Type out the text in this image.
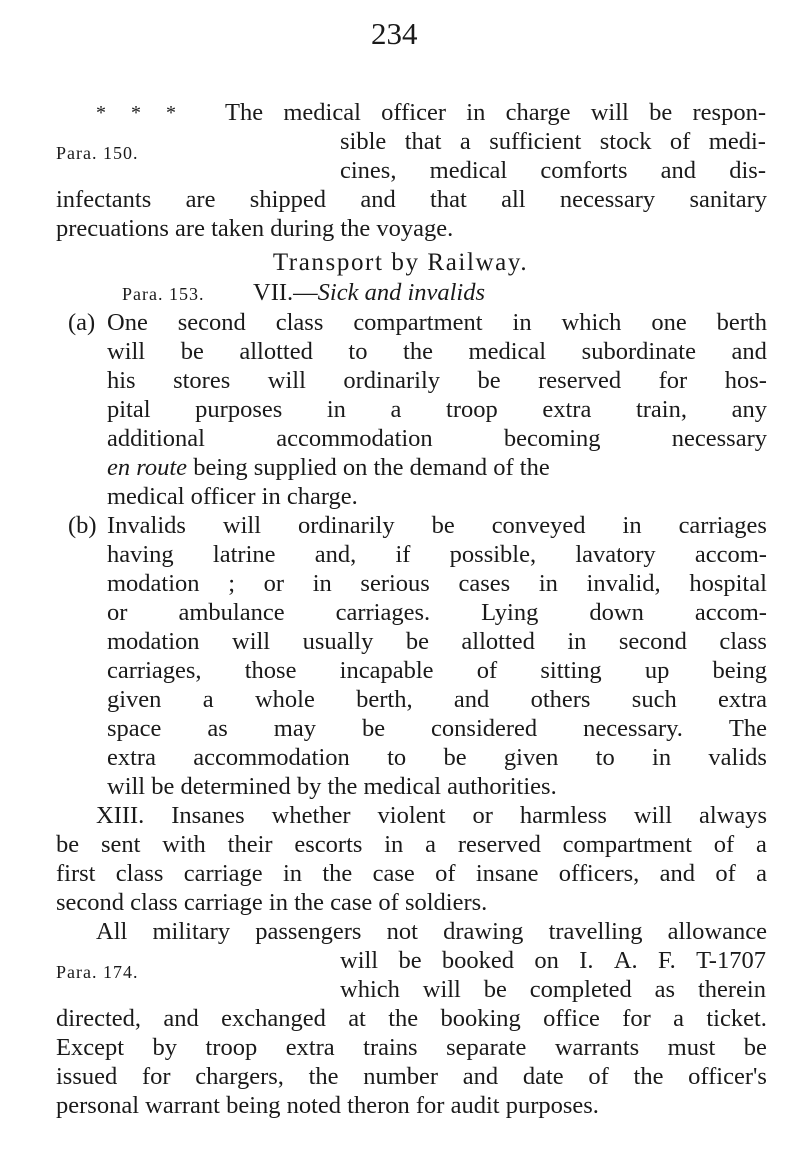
234
* * * The medical officer in charge will be respon-
sible that a sufficient stock of medi-
Para. 150.
cines, medical comforts and dis-
infectants are shipped and that all necessary sanitary
precuations are taken during the voyage.
Transport by Railway.
Para. 153. VII.— Sick and invalids
(a) One second class compartment in which one berth
will be allotted to the medical subordinate and
his stores will ordinarily be reserved for hos-
pital purposes in a troop extra train, any
additional	accommodation	becoming	necessary
en route being supplied on the demand of the
medical officer in charge.
(b) Invalids will ordinarily be conveyed in carriages
having latrine and, if possible, lavatory accom-
modation ; or in serious cases in invalid, hospital
or ambulance carriages. Lying down accom-
modation will usually be allotted in second class
carriages, those incapable of sitting up being
given a whole berth, and others such extra
space as may be considered necessary. The
extra accommodation to be given to in valids
will be determined by the medical authorities.
XIII. Insanes whether violent or harmless will always
be sent with their escorts in a reserved compartment of a
first class carriage in the case of insane officers, and of a
second class carriage in the case of soldiers.
All military passengers not drawing travelling allowance
will be booked on I. A. F. T-1707
Para. 174.
which will be completed as therein
directed, and exchanged at the booking office for a ticket.
Except by troop extra trains separate warrants must be
issued for chargers, the number and date of the officer's
personal warrant being noted theron for audit purposes.
